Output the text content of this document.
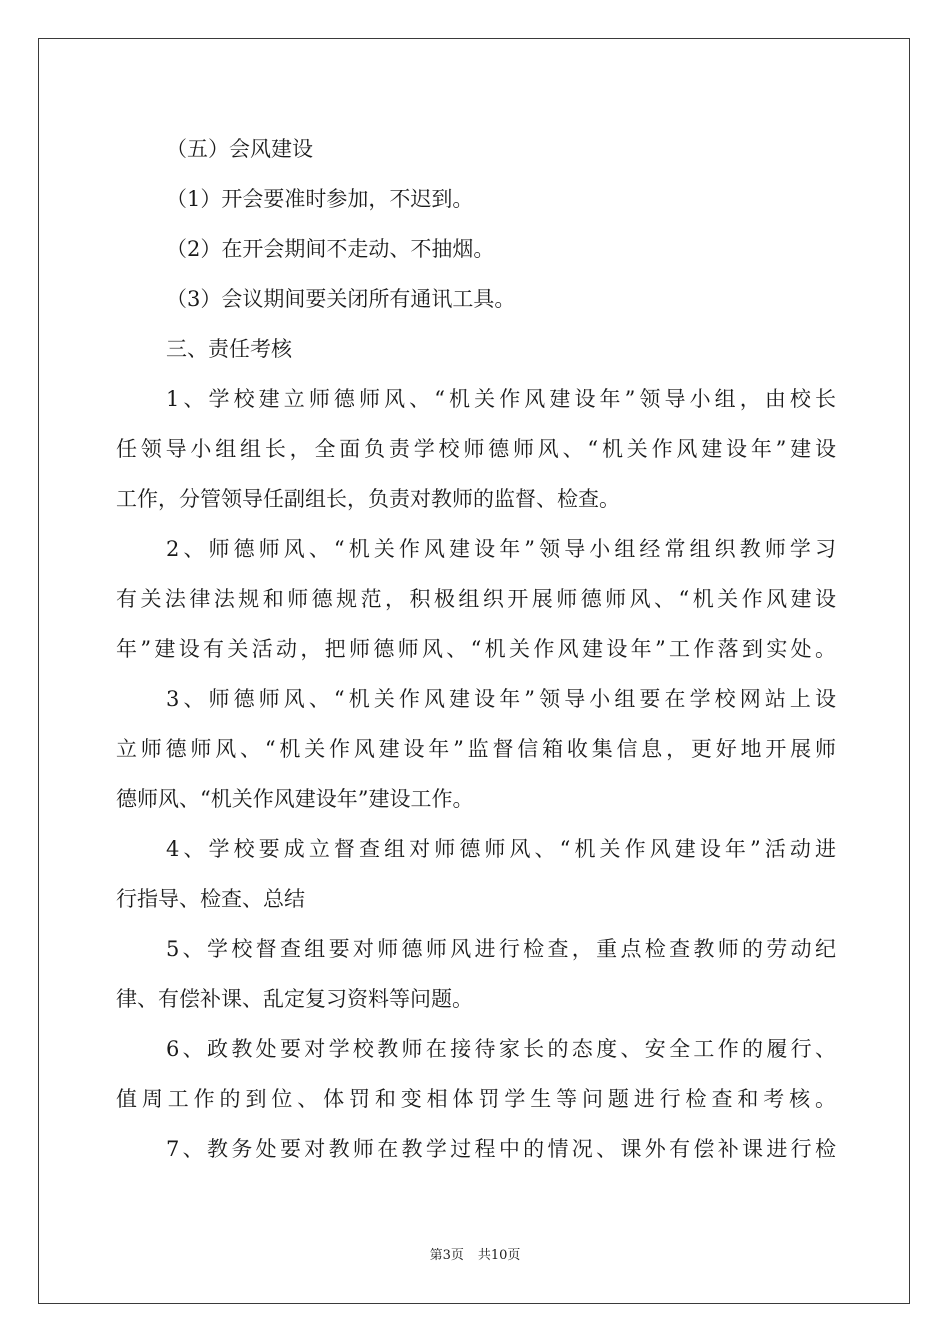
（五）会风建设
（1）开会要准时参加，不迟到。
（2）在开会期间不走动、不抽烟。
（3）会议期间要关闭所有通讯工具。
三、责任考核
1、学校建立师德师风、“机关作风建设年”领导小组，由校长
任领导小组组长，全面负责学校师德师风、“机关作风建设年”建设
工作，分管领导任副组长，负责对教师的监督、检查。
2、师德师风、“机关作风建设年”领导小组经常组织教师学习
有关法律法规和师德规范，积极组织开展师德师风、“机关作风建设
年”建设有关活动，把师德师风、“机关作风建设年”工作落到实处。
3、师德师风、“机关作风建设年”领导小组要在学校网站上设
立师德师风、“机关作风建设年”监督信箱收集信息，更好地开展师
德师风、“机关作风建设年”建设工作。
4、学校要成立督查组对师德师风、“机关作风建设年”活动进
行指导、检查、总结
5、学校督查组要对师德师风进行检查，重点检查教师的劳动纪
律、有偿补课、乱定复习资料等问题。
6、政教处要对学校教师在接待家长的态度、安全工作的履行、
值周工作的到位、体罚和变相体罚学生等问题进行检查和考核。
7、教务处要对教师在教学过程中的情况、课外有偿补课进行检
第3页 共10页
